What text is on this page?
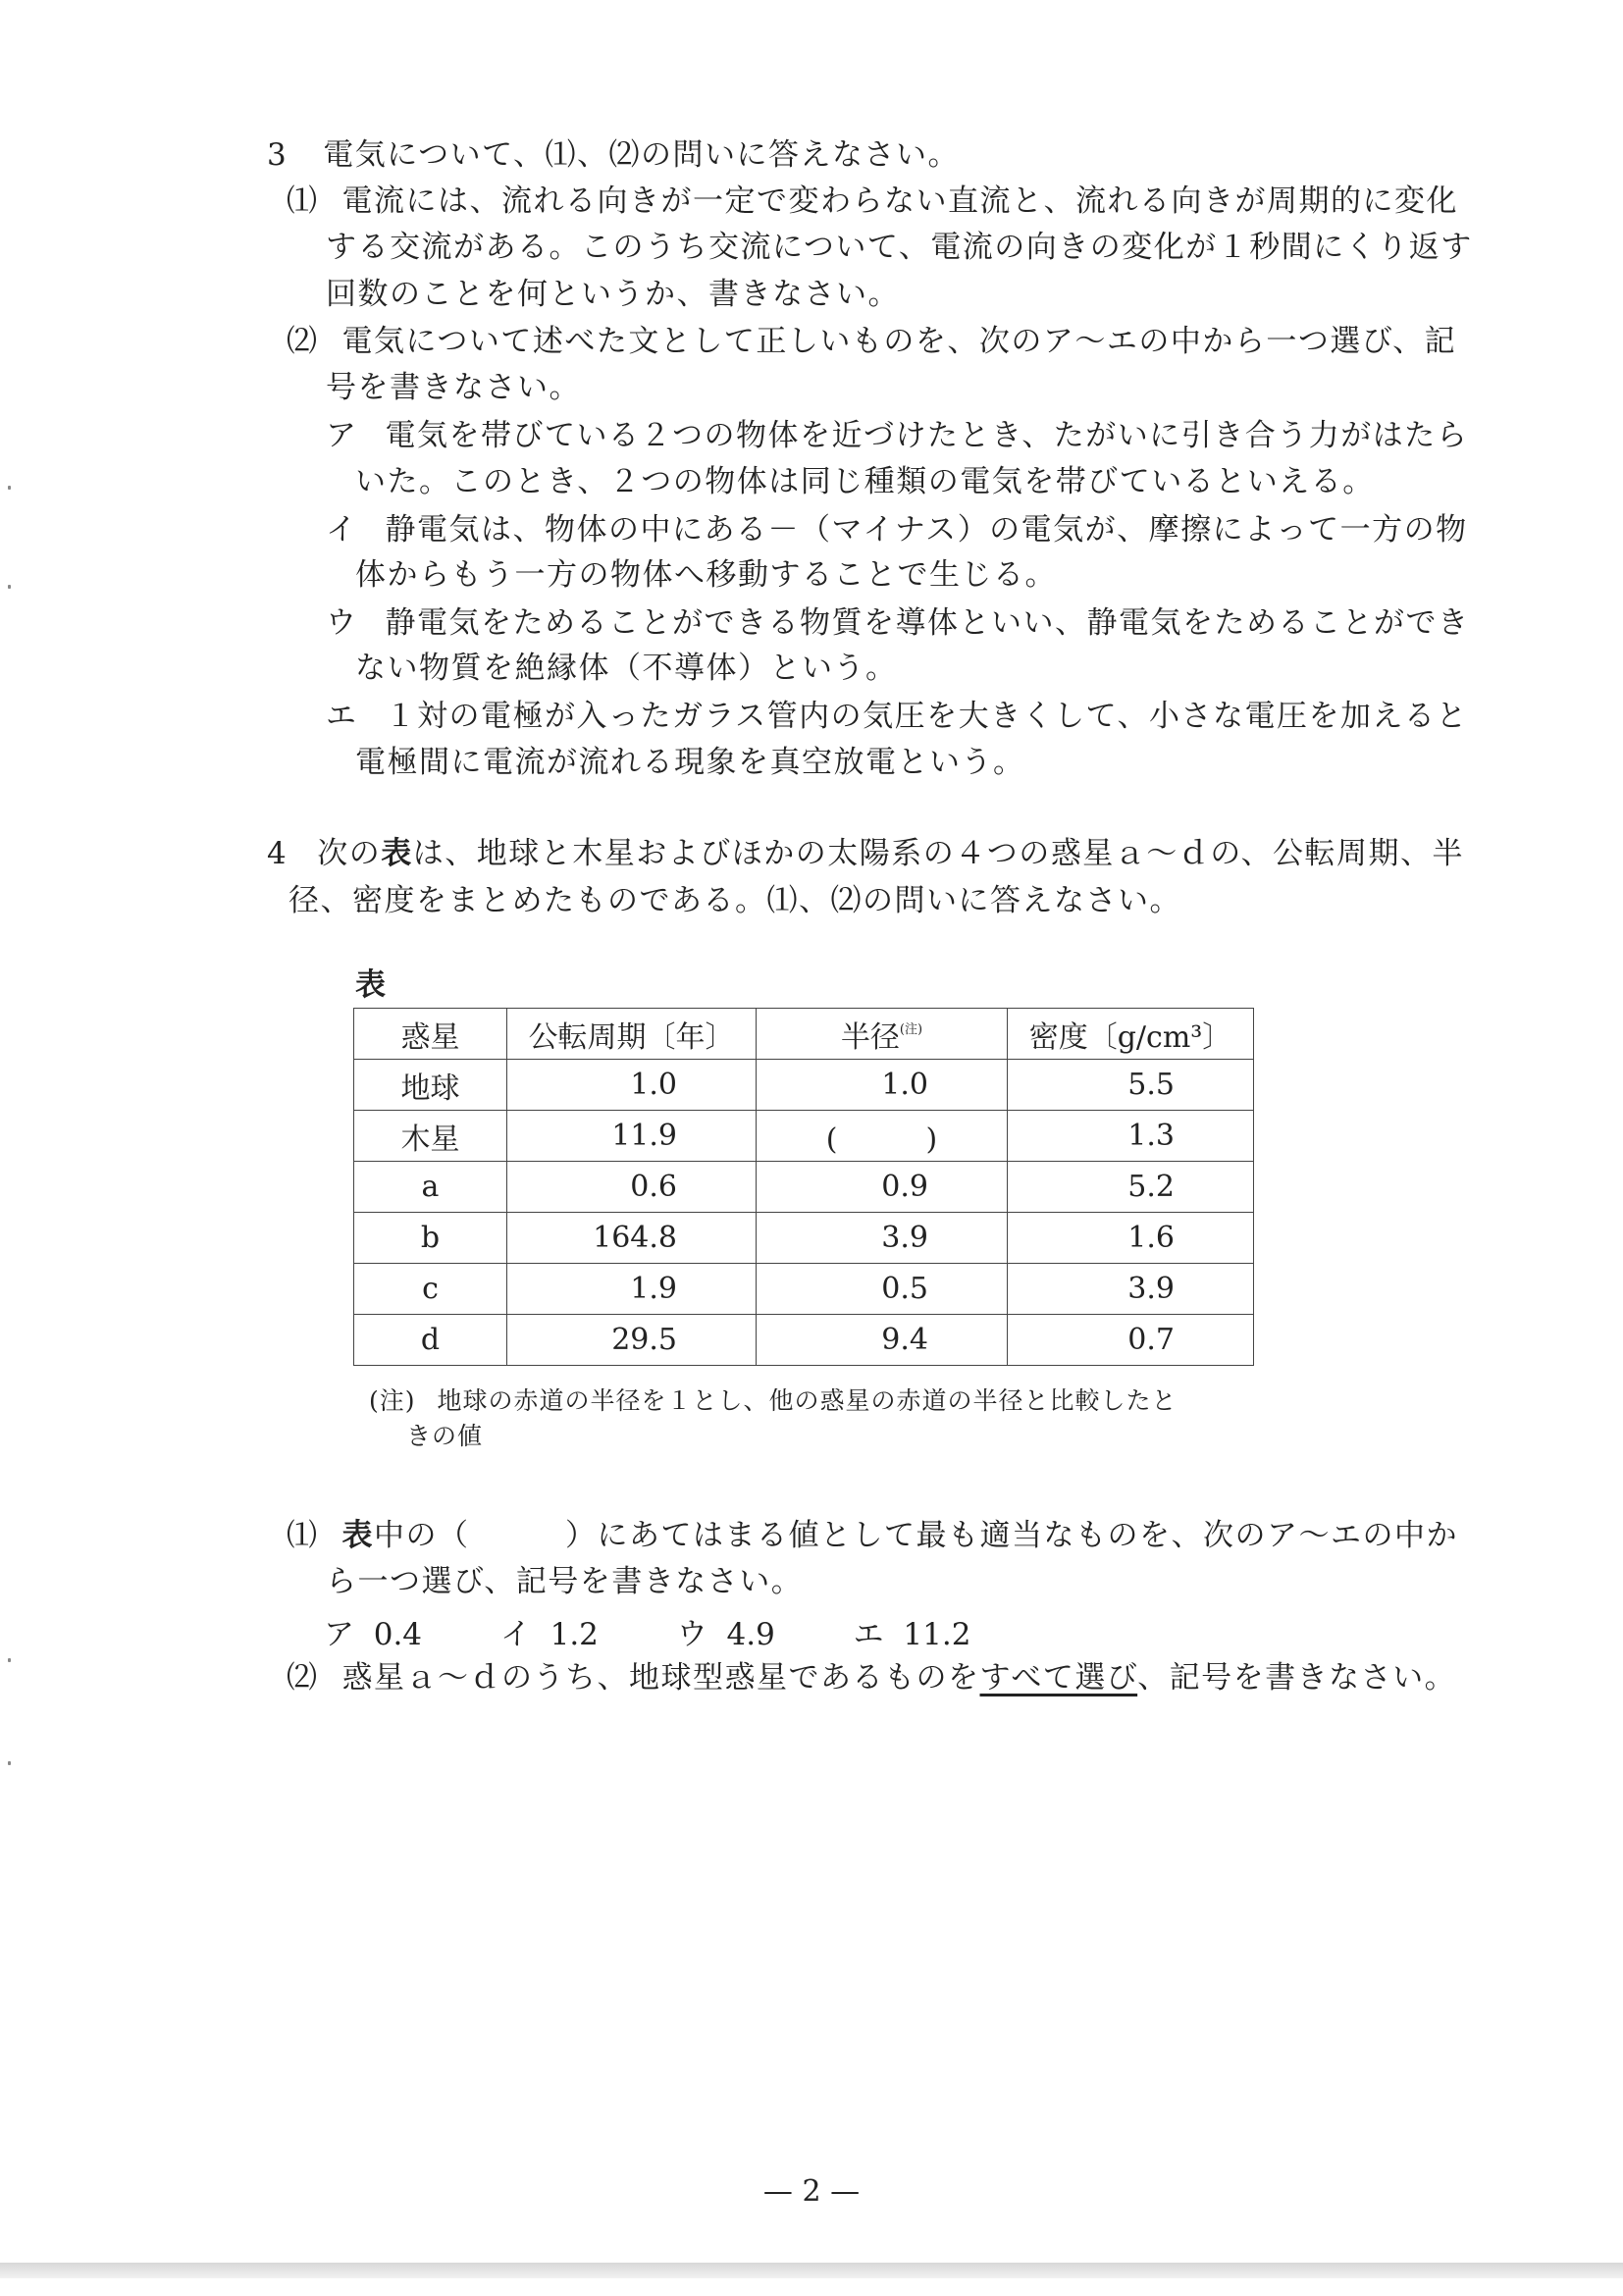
3 電気について、⑴、⑵の問いに答えなさい。
⑴ 電流には、流れる向きが一定で変わらない直流と、流れる向きが周期的に変化
する交流がある。このうち交流について、電流の向きの変化が１秒間にくり返す
回数のことを何というか、書きなさい。
⑵ 電気について述べた文として正しいものを、次のア～エの中から一つ選び、記
号を書きなさい。
ア 電気を帯びている２つの物体を近づけたとき、たがいに引き合う力がはたら
いた。このとき、２つの物体は同じ種類の電気を帯びているといえる。
イ 静電気は、物体の中にある－（マイナス）の電気が、摩擦によって一方の物
体からもう一方の物体へ移動することで生じる。
ウ 静電気をためることができる物質を導体といい、静電気をためることができ
ない物質を絶縁体（不導体）という。
エ １対の電極が入ったガラス管内の気圧を大きくして、小さな電圧を加えると
電極間に電流が流れる現象を真空放電という。
4 次の表は、地球と木星およびほかの太陽系の４つの惑星ａ～ｄの、公転周期、半
径、密度をまとめたものである。⑴、⑵の問いに答えなさい。
表
惑星	公転周期〔年〕	半径$^{(注)}$	密度〔g/cm³〕
地球	1.0	1.0	5.5
木星	11.9	(　　　)	1.3
a	0.6	0.9	5.2
b	164.8	3.9	1.6
c	1.9	0.5	3.9
d	29.5	9.4	0.7
(注) 地球の赤道の半径を１とし、他の惑星の赤道の半径と比較したと
きの値
⑴ 表中の（　　　）にあてはまる値として最も適当なものを、次のア～エの中か
ら一つ選び、記号を書きなさい。
ア 0.4	イ 1.2	ウ 4.9	エ 11.2
⑵ 惑星ａ～ｄのうち、地球型惑星であるものをすべて選び、記号を書きなさい。
— 2 —
